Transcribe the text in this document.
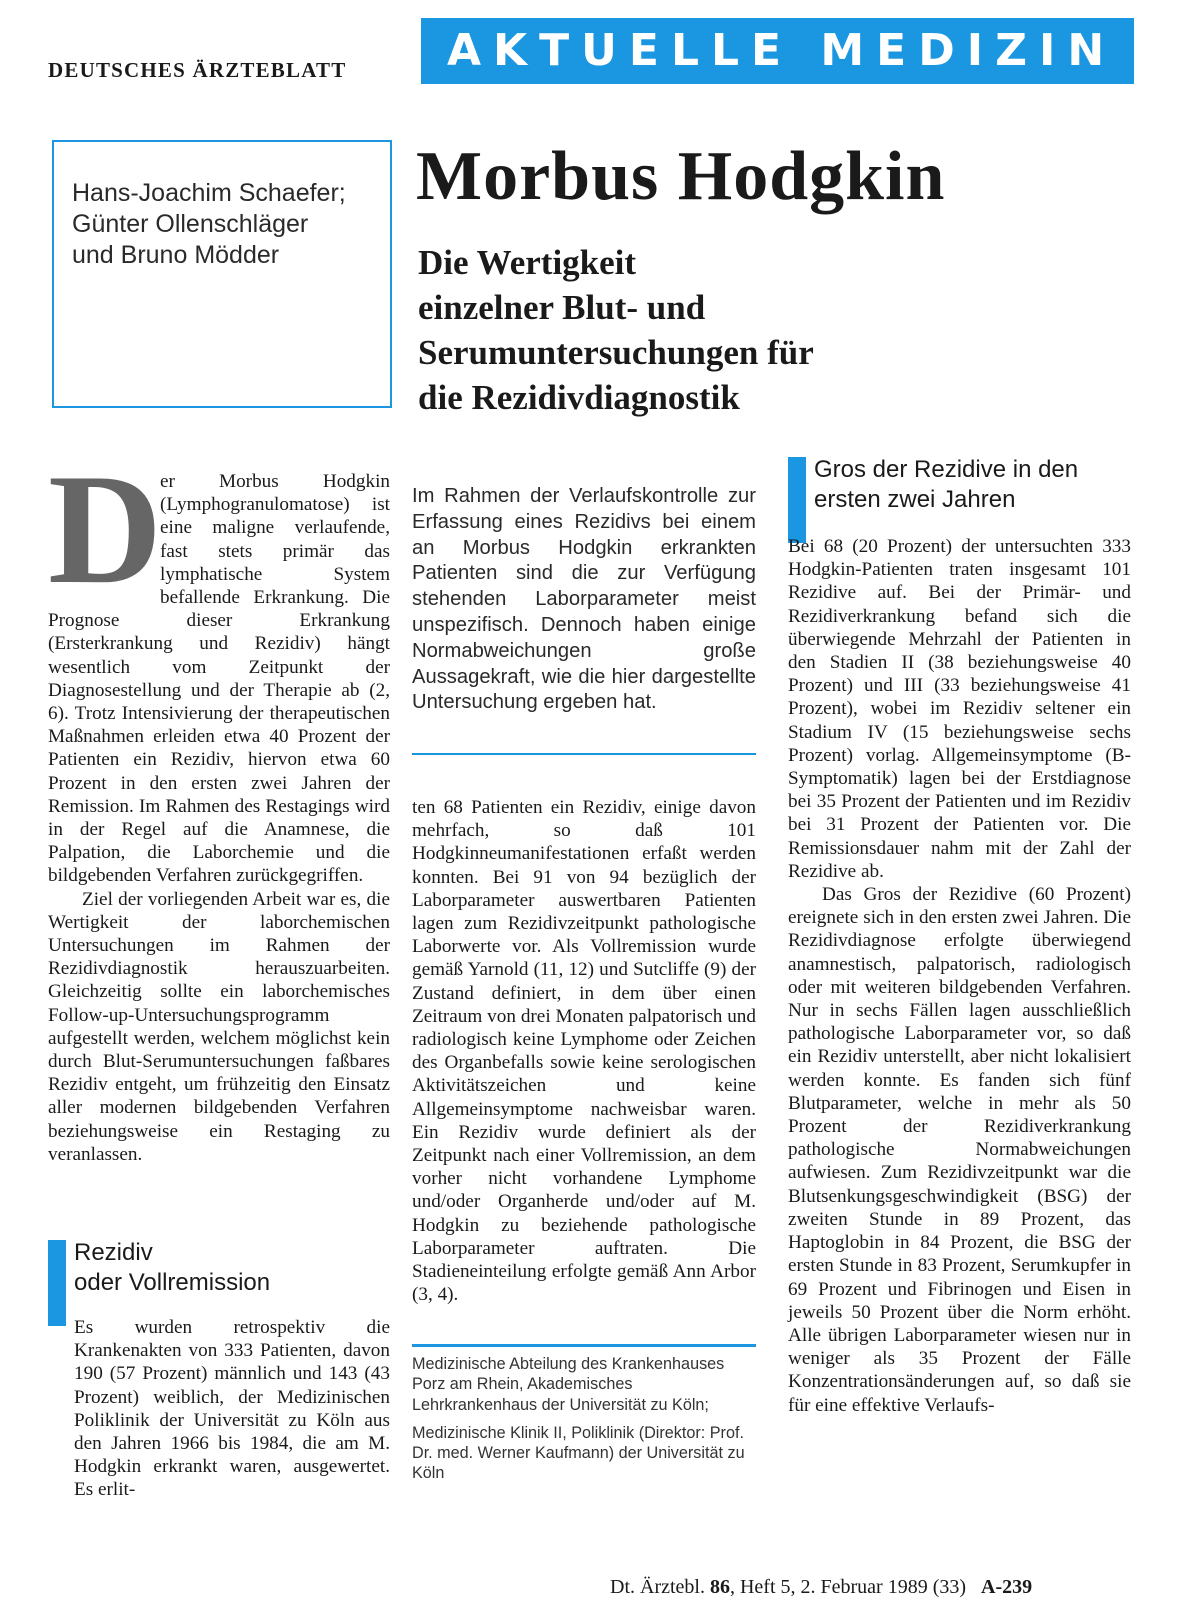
DEUTSCHES ÄRZTEBLATT	AKTUELLE MEDIZIN
Hans-Joachim Schaefer;
Günter Ollenschläger
und Bruno Mödder
Morbus Hodgkin
Die Wertigkeit
einzelner Blut- und
Serumuntersuchungen für
die Rezidivdiagnostik
D

er Morbus Hodgkin (Lymphogranulomatose) ist eine maligne verlaufende, fast stets primär das lymphatische System befallende Erkrankung. Die Prognose dieser Erkrankung (Ersterkrankung und Rezidiv) hängt wesentlich vom Zeitpunkt der Diagnosestellung und der Therapie ab (2, 6). Trotz Intensivierung der therapeutischen Maßnahmen erleiden etwa 40 Prozent der Patienten ein Rezidiv, hiervon etwa 60 Prozent in den ersten zwei Jahren der Remission. Im Rahmen des Restagings wird in der Regel auf die Anamnese, die Palpation, die Laborchemie und die bildgebenden Verfahren zurückgegriffen.

Ziel der vorliegenden Arbeit war es, die Wertigkeit der laborchemischen Untersuchungen im Rahmen der Rezidivdiagnostik herauszuarbeiten. Gleichzeitig sollte ein laborchemisches Follow-up-Untersuchungsprogramm aufgestellt werden, welchem möglichst kein durch Blut-Serumuntersuchungen faßbares Rezidiv entgeht, um frühzeitig den Einsatz aller modernen bildgebenden Verfahren beziehungsweise ein Restaging zu veranlassen.

Rezidiv
oder Vollremission

Es wurden retrospektiv die Krankenakten von 333 Patienten, davon 190 (57 Prozent) männlich und 143 (43 Prozent) weiblich, der Medizinischen Poliklinik der Universität zu Köln aus den Jahren 1966 bis 1984, die am M. Hodgkin erkrankt waren, ausgewertet. Es erlit-

Im Rahmen der Verlaufskontrolle zur Erfassung eines Rezidivs bei einem an Morbus Hodgkin erkrankten Patienten sind die zur Verfügung stehenden Laborparameter meist unspezifisch. Dennoch haben einige Normabweichungen große Aussagekraft, wie die hier dargestellte Untersuchung ergeben hat.

ten 68 Patienten ein Rezidiv, einige davon mehrfach, so daß 101 Hodgkinneumanifestationen erfaßt werden konnten. Bei 91 von 94 bezüglich der Laborparameter auswertbaren Patienten lagen zum Rezidivzeitpunkt pathologische Laborwerte vor. Als Vollremission wurde gemäß Yarnold (11, 12) und Sutcliffe (9) der Zustand definiert, in dem über einen Zeitraum von drei Monaten palpatorisch und radiologisch keine Lymphome oder Zeichen des Organbefalls sowie keine serologischen Aktivitätszeichen und keine Allgemeinsymptome nachweisbar waren. Ein Rezidiv wurde definiert als der Zeitpunkt nach einer Vollremission, an dem vorher nicht vorhandene Lymphome und/oder Organherde und/oder auf M. Hodgkin zu beziehende pathologische Laborparameter auftraten. Die Stadieneinteilung erfolgte gemäß Ann Arbor (3, 4).

Medizinische Abteilung des Krankenhauses Porz am Rhein, Akademisches Lehrkrankenhaus der Universität zu Köln;

Medizinische Klinik II, Poliklinik (Direktor: Prof. Dr. med. Werner Kaufmann) der Universität zu Köln

Gros der Rezidive in den
ersten zwei Jahren

Bei 68 (20 Prozent) der untersuchten 333 Hodgkin-Patienten traten insgesamt 101 Rezidive auf. Bei der Primär- und Rezidiverkrankung befand sich die überwiegende Mehrzahl der Patienten in den Stadien II (38 beziehungsweise 40 Prozent) und III (33 beziehungsweise 41 Prozent), wobei im Rezidiv seltener ein Stadium IV (15 beziehungsweise sechs Prozent) vorlag. Allgemeinsymptome (B-Symptomatik) lagen bei der Erstdiagnose bei 35 Prozent der Patienten und im Rezidiv bei 31 Prozent der Patienten vor. Die Remissionsdauer nahm mit der Zahl der Rezidive ab.

Das Gros der Rezidive (60 Prozent) ereignete sich in den ersten zwei Jahren. Die Rezidivdiagnose erfolgte überwiegend anamnestisch, palpatorisch, radiologisch oder mit weiteren bildgebenden Verfahren. Nur in sechs Fällen lagen ausschließlich pathologische Laborparameter vor, so daß ein Rezidiv unterstellt, aber nicht lokalisiert werden konnte. Es fanden sich fünf Blutparameter, welche in mehr als 50 Prozent der Rezidiverkrankung pathologische Normabweichungen aufwiesen. Zum Rezidivzeitpunkt war die Blutsenkungsgeschwindigkeit (BSG) der zweiten Stunde in 89 Prozent, das Haptoglobin in 84 Prozent, die BSG der ersten Stunde in 83 Prozent, Serumkupfer in 69 Prozent und Fibrinogen und Eisen in jeweils 50 Prozent über die Norm erhöht. Alle übrigen Laborparameter wiesen nur in weniger als 35 Prozent der Fälle Konzentrationsänderungen auf, so daß sie für eine effektive Verlaufs-

Dt. Ärztebl. 86, Heft 5, 2. Februar 1989 (33) A-239
